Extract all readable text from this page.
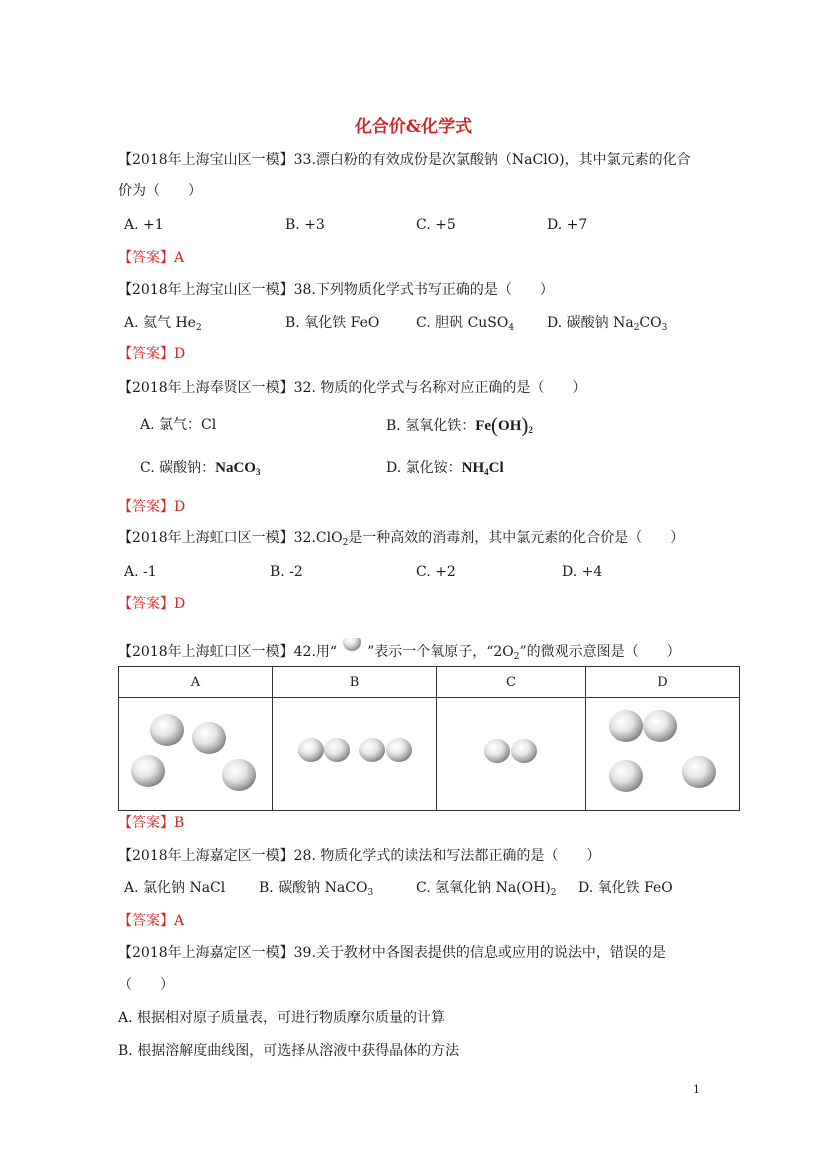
化合价&化学式
【2018年上海宝山区一模】33.漂白粉的有效成份是次氯酸钠（NaClO)，其中氯元素的化合
价为（　　）
A. +1	B. +3	C. +5	D. +7
【答案】A
【2018年上海宝山区一模】38.下列物质化学式书写正确的是（　　）
A. 氦气 $He_2$	B. 氧化铁 FeO	C. 胆矾 CuSO$_4$ D. 碳酸钠 $Na_2CO_3$
【答案】D
【2018年上海奉贤区一模】32. 物质的化学式与名称对应正确的是（　　）
A. 氯气：Cl	B. 氢氧化铁：$Fe(OH)_2$
C. 碳酸钠：NaCO$_3$	D. 氯化铵：$NH_4Cl$
【答案】D
【2018年上海虹口区一模】32.ClO$_2$是一种高效的消毒剂，其中氯元素的化合价是（　　）
A. -1	B. -2	C. +2	D. +4
【答案】D
【2018年上海虹口区一模】42.用“ ”表示一个氧原子，“$2O_2$”的微观示意图是（　　）
A	B	C	D

【答案】B
【2018年上海嘉定区一模】28. 物质化学式的读法和写法都正确的是（　　）
A. 氯化钠 NaCl B. 碳酸钠 NaCO$_3$	C. 氢氧化钠 $Na(OH)_2$ D. 氧化铁 FeO
【答案】A
【2018年上海嘉定区一模】39.关于教材中各图表提供的信息或应用的说法中，错误的是
（　　）
A. 根据相对原子质量表，可进行物质摩尔质量的计算
B. 根据溶解度曲线图，可选择从溶液中获得晶体的方法
1
